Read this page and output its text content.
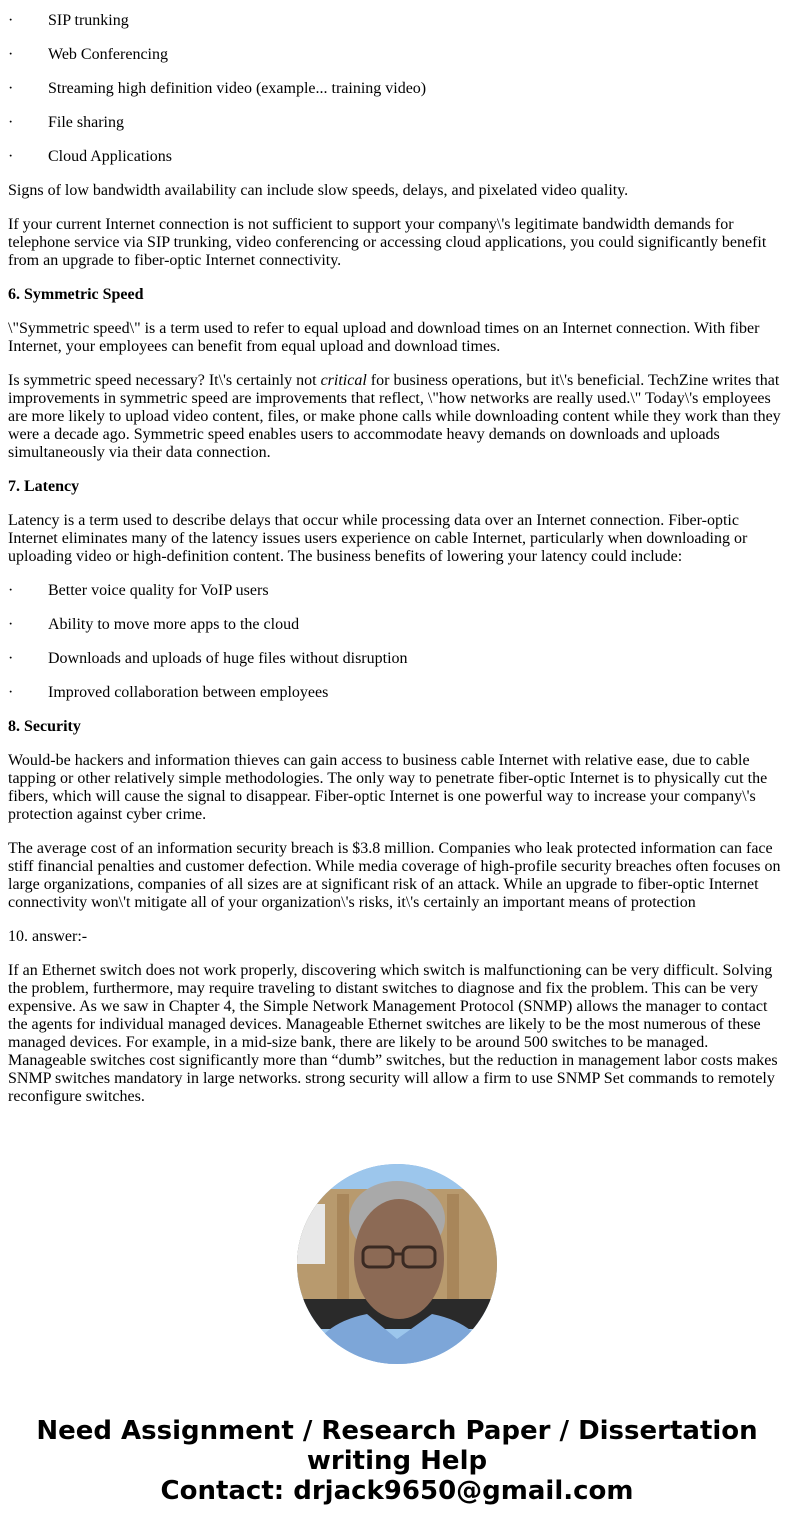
·	SIP trunking
·	Web Conferencing
·	Streaming high definition video (example... training video)
·	File sharing
·	Cloud Applications

Signs of low bandwidth availability can include slow speeds, delays, and pixelated video quality.

If your current Internet connection is not sufficient to support your company\'s legitimate bandwidth demands for telephone service via SIP trunking, video conferencing or accessing cloud applications, you could significantly benefit from an upgrade to fiber-optic Internet connectivity.

6. Symmetric Speed

\"Symmetric speed\" is a term used to refer to equal upload and download times on an Internet connection. With fiber Internet, your employees can benefit from equal upload and download times.

Is symmetric speed necessary? It\'s certainly not critical for business operations, but it\'s beneficial. TechZine writes that improvements in symmetric speed are improvements that reflect, \"how networks are really used.\" Today\'s employees are more likely to upload video content, files, or make phone calls while downloading content while they work than they were a decade ago. Symmetric speed enables users to accommodate heavy demands on downloads and uploads simultaneously via their data connection.

7. Latency

Latency is a term used to describe delays that occur while processing data over an Internet connection. Fiber-optic Internet eliminates many of the latency issues users experience on cable Internet, particularly when downloading or uploading video or high-definition content. The business benefits of lowering your latency could include:

·	Better voice quality for VoIP users
·	Ability to move more apps to the cloud
·	Downloads and uploads of huge files without disruption
·	Improved collaboration between employees
8. Security

Would-be hackers and information thieves can gain access to business cable Internet with relative ease, due to cable tapping or other relatively simple methodologies. The only way to penetrate fiber-optic Internet is to physically cut the fibers, which will cause the signal to disappear. Fiber-optic Internet is one powerful way to increase your company\'s protection against cyber crime.

The average cost of an information security breach is $3.8 million. Companies who leak protected information can face stiff financial penalties and customer defection. While media coverage of high-profile security breaches often focuses on large organizations, companies of all sizes are at significant risk of an attack. While an upgrade to fiber-optic Internet connectivity won\'t mitigate all of your organization\'s risks, it\'s certainly an important means of protection

10. answer:-

If an Ethernet switch does not work properly, discovering which switch is malfunctioning can be very difficult. Solving the problem, furthermore, may require traveling to distant switches to diagnose and fix the problem. This can be very expensive. As we saw in Chapter 4, the Simple Network Management Protocol (SNMP) allows the manager to contact the agents for individual managed devices. Manageable Ethernet switches are likely to be the most numerous of these managed devices. For example, in a mid-size bank, there are likely to be around 500 switches to be managed. Manageable switches cost significantly more than “dumb” switches, but the reduction in management labor costs makes SNMP switches mandatory in large networks. strong security will allow a firm to use SNMP Set commands to remotely reconfigure switches.

Need Assignment / Research Paper / Dissertation writing Help
Contact: drjack9650@gmail.com
